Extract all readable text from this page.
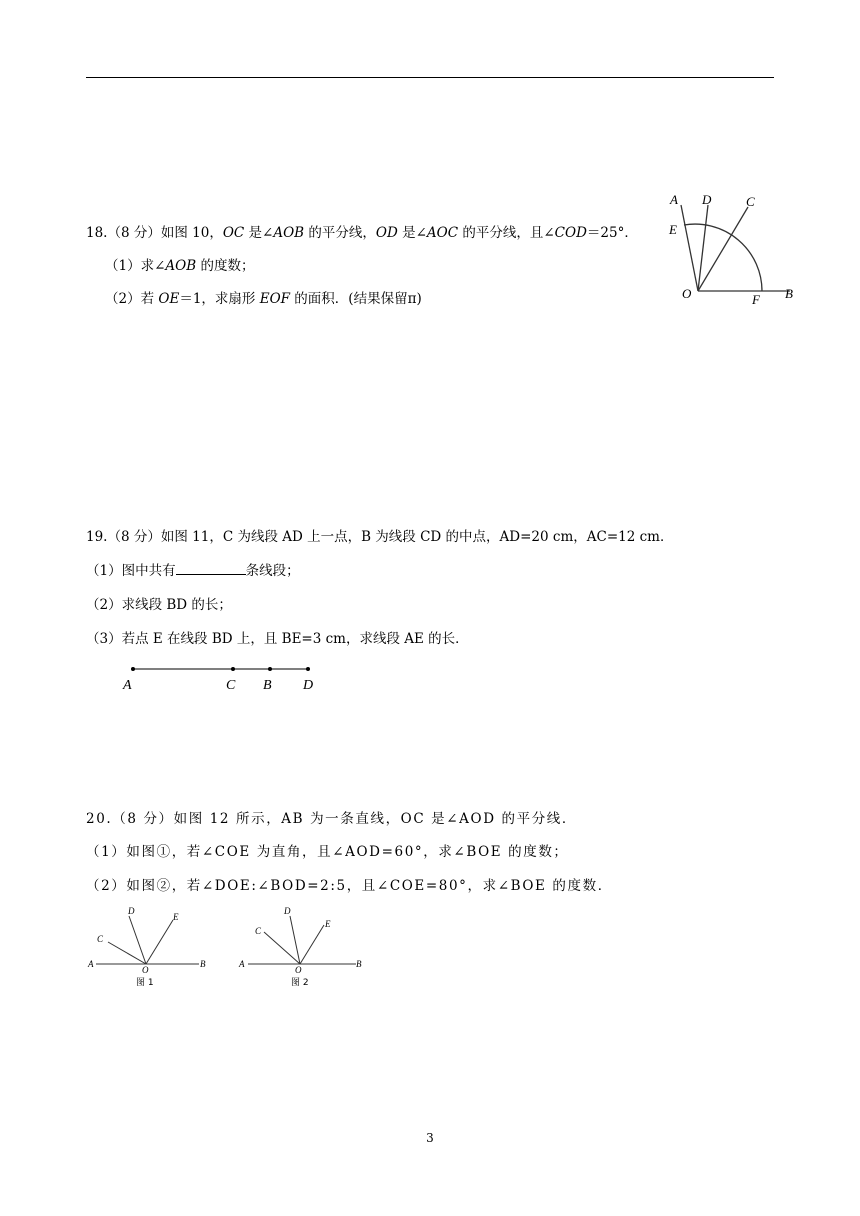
18.（8 分）如图 10，OC 是∠AOB 的平分线，OD 是∠AOC 的平分线，且∠COD＝25°．
（1）求∠AOB 的度数；
（2）若 OE＝1，求扇形 EOF 的面积．(结果保留π)
A D	C
E
O	F B
19.（8 分）如图 11，C 为线段 AD 上一点，B 为线段 CD 的中点，AD=20 cm，AC=12 cm．
（1）图中共有	条线段；
（2）求线段 BD 的长；
（3）若点 E 在线段 BD 上，且 BE=3 cm，求线段 AE 的长．
A	C B D
20.（8 分）如图 12 所示，AB 为一条直线，OC 是∠AOD 的平分线．
（1）如图①，若∠COE 为直角，且∠AOD=60°，求∠BOE 的度数；
（2）如图②，若∠DOE:∠BOD=2:5，且∠COE=80°，求∠BOE 的度数．
A	B
C
D
E
O
图 1
A	B
C
D
E
O
图 2
3
